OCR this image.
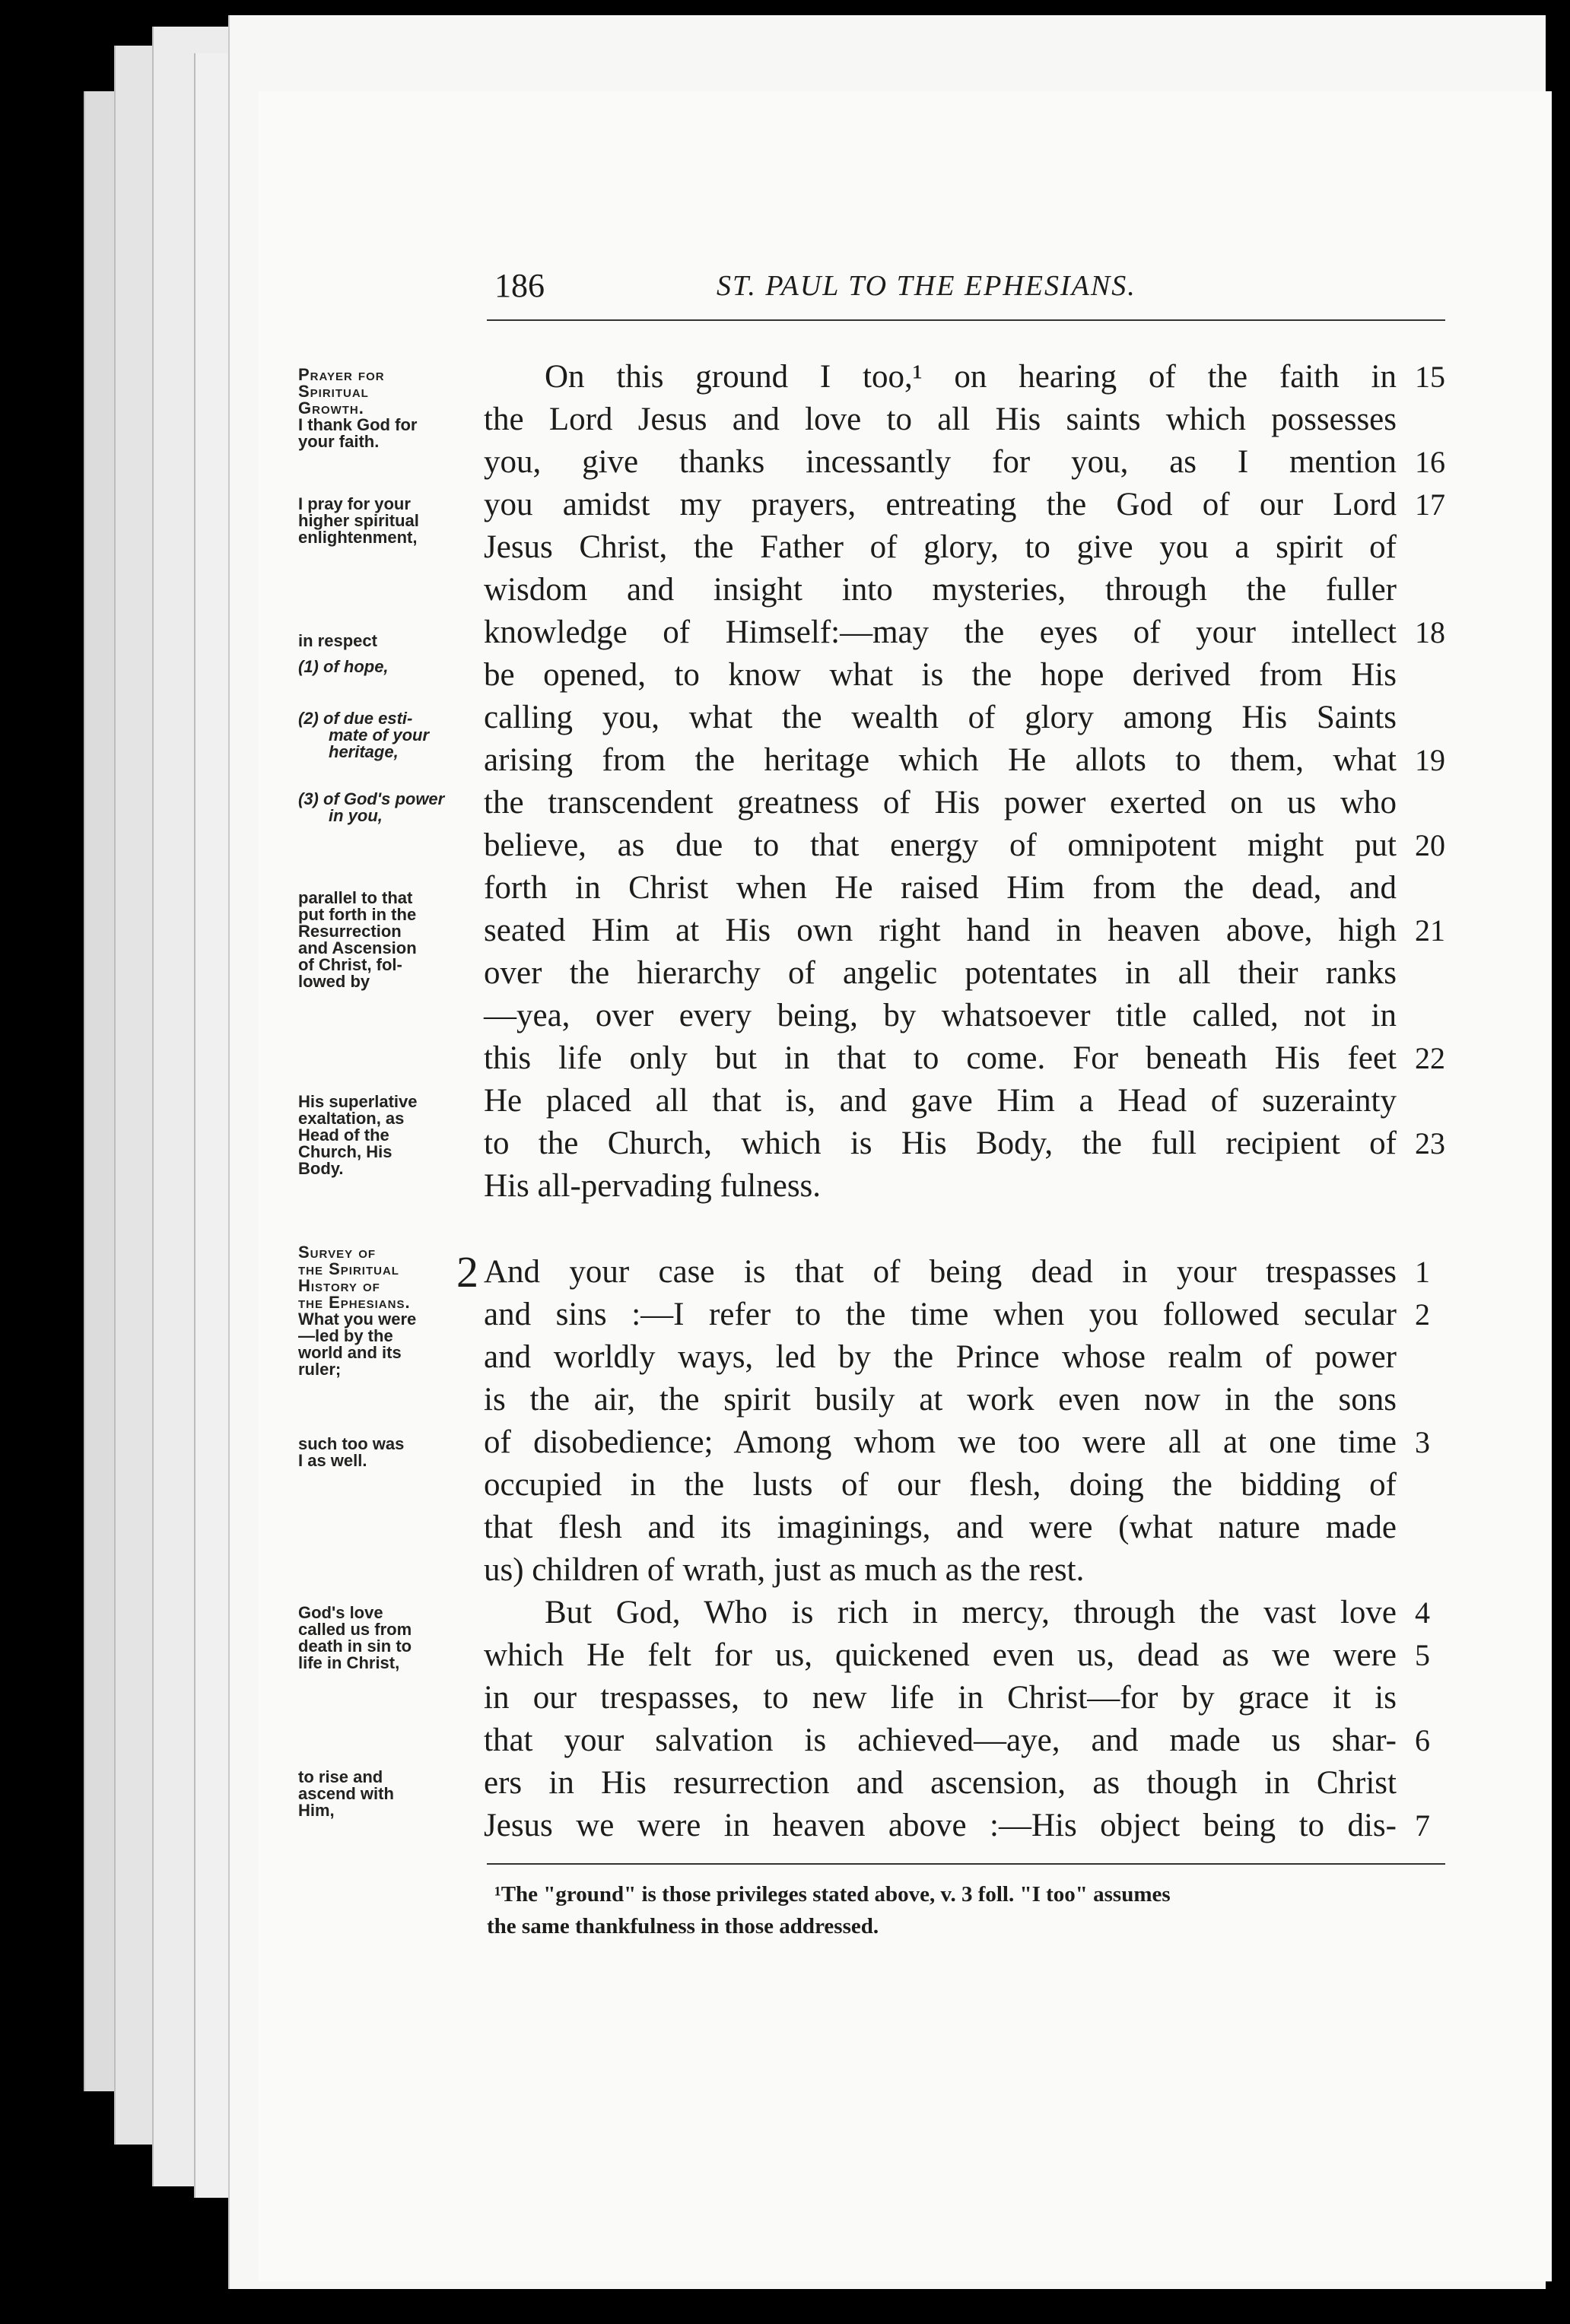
186	ST. PAUL TO THE EPHESIANS.
Prayer for
Spiritual
Growth.
I thank God for
your faith.
I pray for your
higher spiritual
enlightenment,
in respect
(1) of hope,
(2) of due esti-
mate of your
heritage,
(3) of God's power
in you,
parallel to that
put forth in the
Resurrection
and Ascension
of Christ, fol-
lowed by
His superlative
exaltation, as
Head of the
Church, His
Body.
Survey of
the Spiritual
History of
the Ephesians.
What you were
—led by the
world and its
ruler;
such too was
I as well.
God's love
called us from
death in sin to
life in Christ,
to rise and
ascend with
Him,
2
On this ground I too,¹ on hearing of the faith in
the Lord Jesus and love to all His saints which possesses
you, give thanks incessantly for you, as I mention
you amidst my prayers, entreating the God of our Lord
Jesus Christ, the Father of glory, to give you a spirit of
wisdom and insight into mysteries, through the fuller
knowledge of Himself:—may the eyes of your intellect
be opened, to know what is the hope derived from His
calling you, what the wealth of glory among His Saints
arising from the heritage which He allots to them, what
the transcendent greatness of His power exerted on us who
believe, as due to that energy of omnipotent might put
forth in Christ when He raised Him from the dead, and
seated Him at His own right hand in heaven above, high
over the hierarchy of angelic potentates in all their ranks
—yea, over every being, by whatsoever title called, not in
this life only but in that to come. For beneath His feet
He placed all that is, and gave Him a Head of suzerainty
to the Church, which is His Body, the full recipient of
His all-pervading fulness.
And your case is that of being dead in your trespasses
and sins :—I refer to the time when you followed secular
and worldly ways, led by the Prince whose realm of power
is the air, the spirit busily at work even now in the sons
of disobedience; Among whom we too were all at one time
occupied in the lusts of our flesh, doing the bidding of
that flesh and its imaginings, and were (what nature made
us) children of wrath, just as much as the rest.
But God, Who is rich in mercy, through the vast love
which He felt for us, quickened even us, dead as we were
in our trespasses, to new life in Christ—for by grace it is
that your salvation is achieved—aye, and made us shar-
ers in His resurrection and ascension, as though in Christ
Jesus we were in heaven above :—His object being to dis-
15
16
17
18
19
20
21
22
23
1
2
3
4
5
6
7
¹The "ground" is those privileges stated above, v. 3 foll. "I too" assumes
the same thankfulness in those addressed.
